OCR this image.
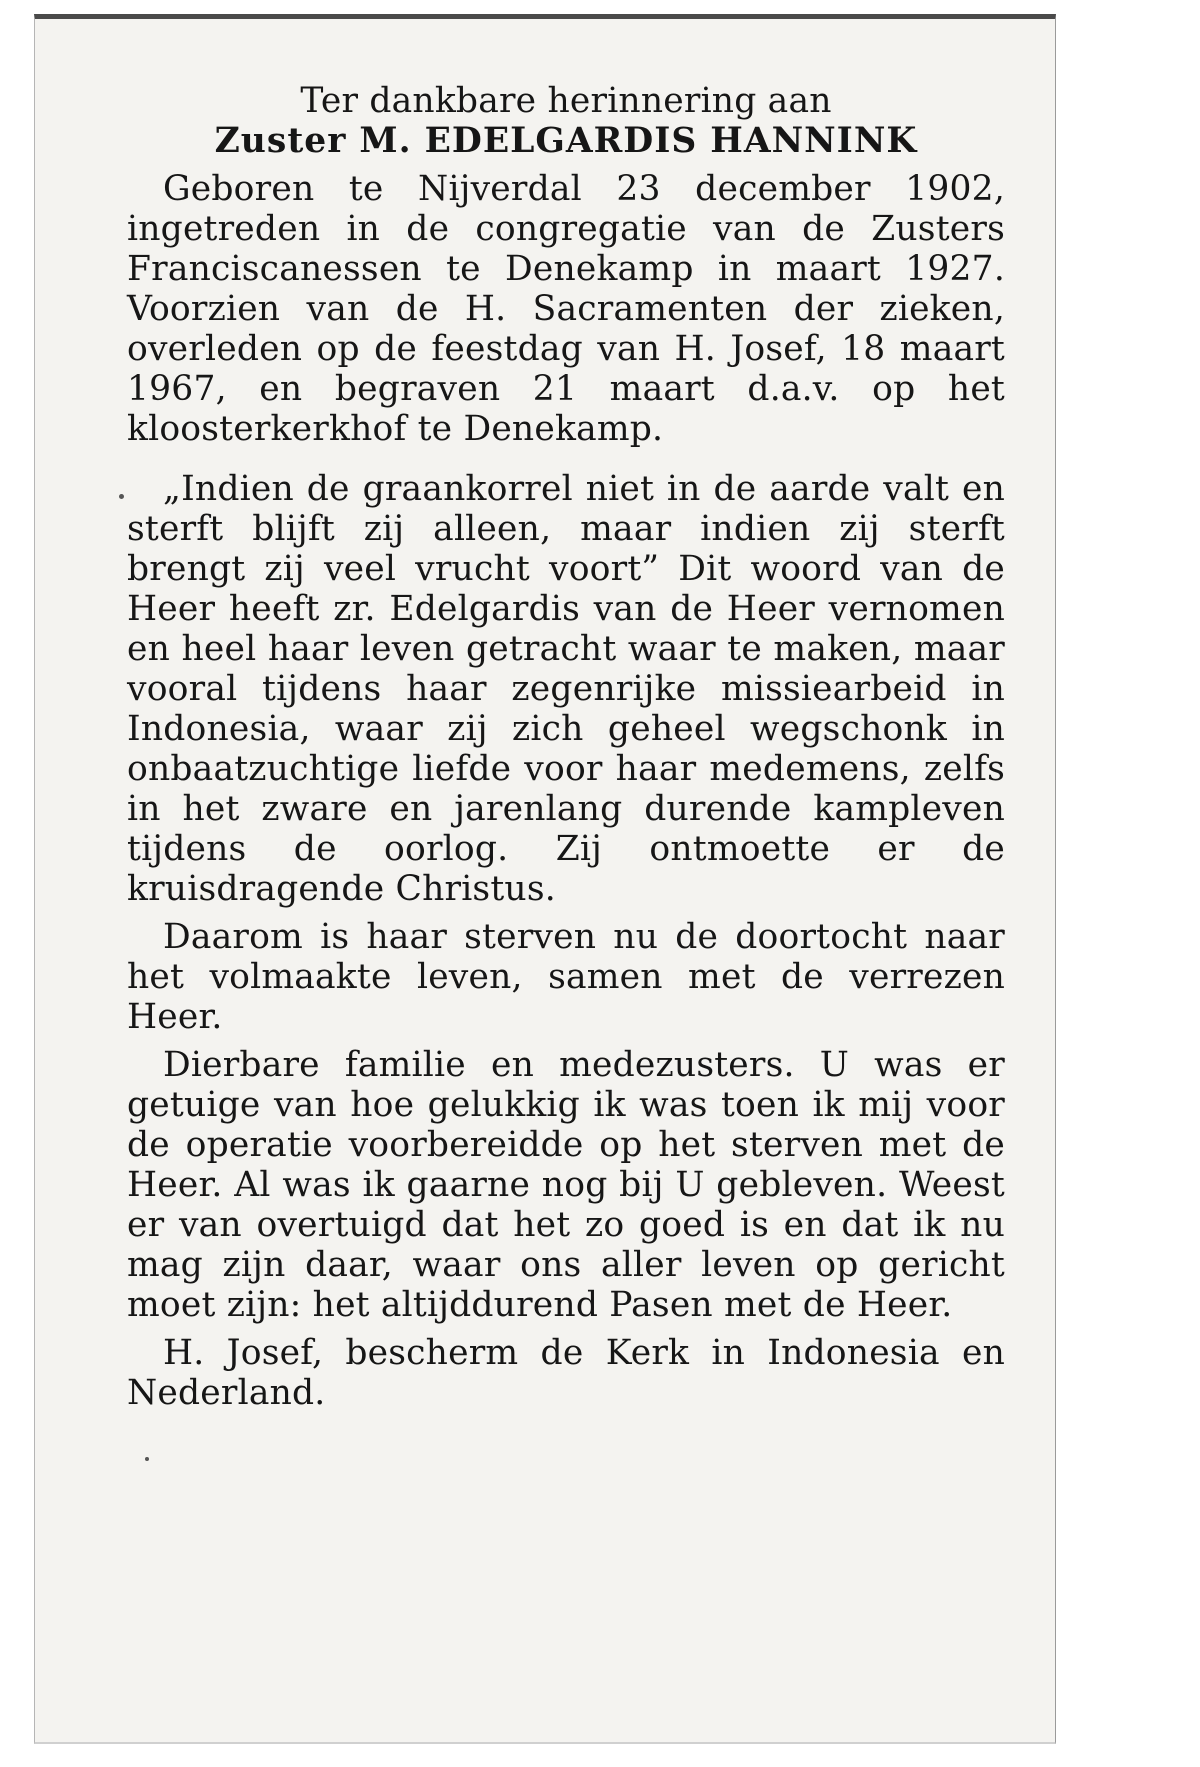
Ter dankbare herinnering aan

Zuster M. EDELGARDIS HANNINK

Geboren te Nijverdal 23 december 1902, ingetreden in de congregatie van de Zusters Franciscanessen te Denekamp in maart 1927. Voorzien van de H. Sacramenten der zieken, overleden op de feestdag van H. Josef, 18 maart 1967, en begraven 21 maart d.a.v. op het kloosterkerkhof te Denekamp.

„Indien de graankorrel niet in de aarde valt en sterft blijft zij alleen, maar indien zij sterft brengt zij veel vrucht voort” Dit woord van de Heer heeft zr. Edelgardis van de Heer vernomen en heel haar leven getracht waar te maken, maar vooral tijdens haar zegenrijke missiearbeid in Indonesia, waar zij zich geheel wegschonk in onbaatzuchtige liefde voor haar medemens, zelfs in het zware en jarenlang durende kampleven tijdens de oorlog. Zij ontmoette er de kruisdragende Christus.

Daarom is haar sterven nu de doortocht naar het volmaakte leven, samen met de verrezen Heer.

Dierbare familie en medezusters. U was er getuige van hoe gelukkig ik was toen ik mij voor de operatie voorbereidde op het sterven met de Heer. Al was ik gaarne nog bij U gebleven. Weest er van overtuigd dat het zo goed is en dat ik nu mag zijn daar, waar ons aller leven op gericht moet zijn: het altijddurend Pasen met de Heer.

H. Josef, bescherm de Kerk in Indonesia en Nederland.
